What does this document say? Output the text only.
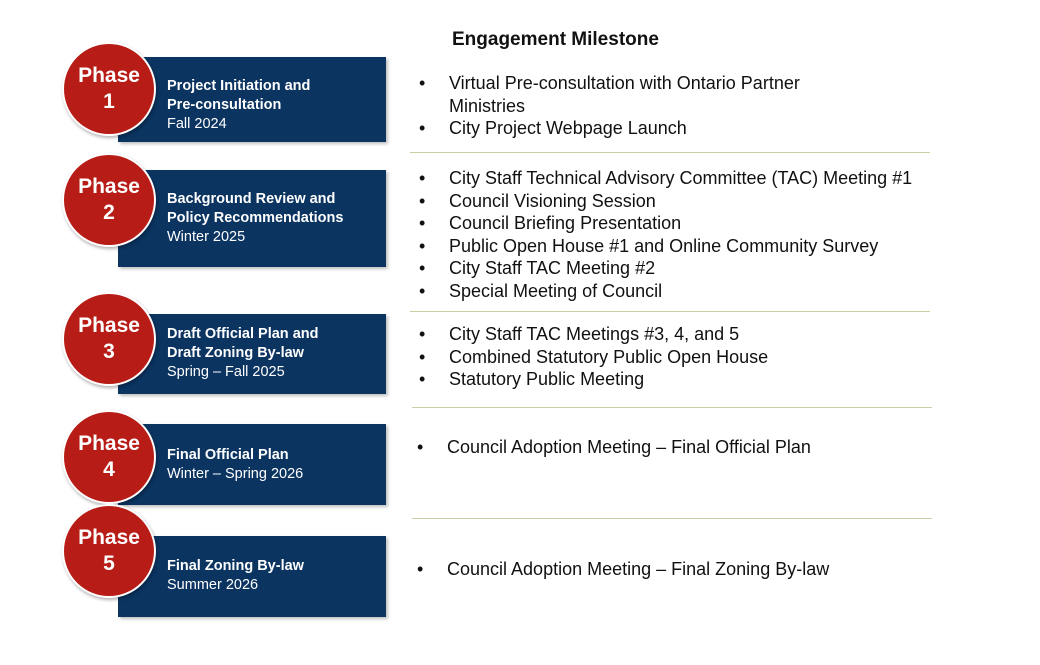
Engagement Milestone
Project Initiation and
Pre-consultation
Fall 2024
Phase
1
• Virtual Pre-consultation with Ontario Partner Ministries
• City Project Webpage Launch
Background Review and
Policy Recommendations
Winter 2025
Phase
2
• City Staff Technical Advisory Committee (TAC) Meeting #1
• Council Visioning Session
• Council Briefing Presentation
• Public Open House #1 and Online Community Survey
• City Staff TAC Meeting #2
• Special Meeting of Council
Draft Official Plan and
Draft Zoning By-law
Spring – Fall 2025
Phase
3
• City Staff TAC Meetings #3, 4, and 5
• Combined Statutory Public Open House
• Statutory Public Meeting
Final Official Plan
Winter – Spring 2026
Phase
4
• Council Adoption Meeting – Final Official Plan
Final Zoning By-law
Summer 2026
Phase
5	• Council Adoption Meeting – Final Zoning By-law
